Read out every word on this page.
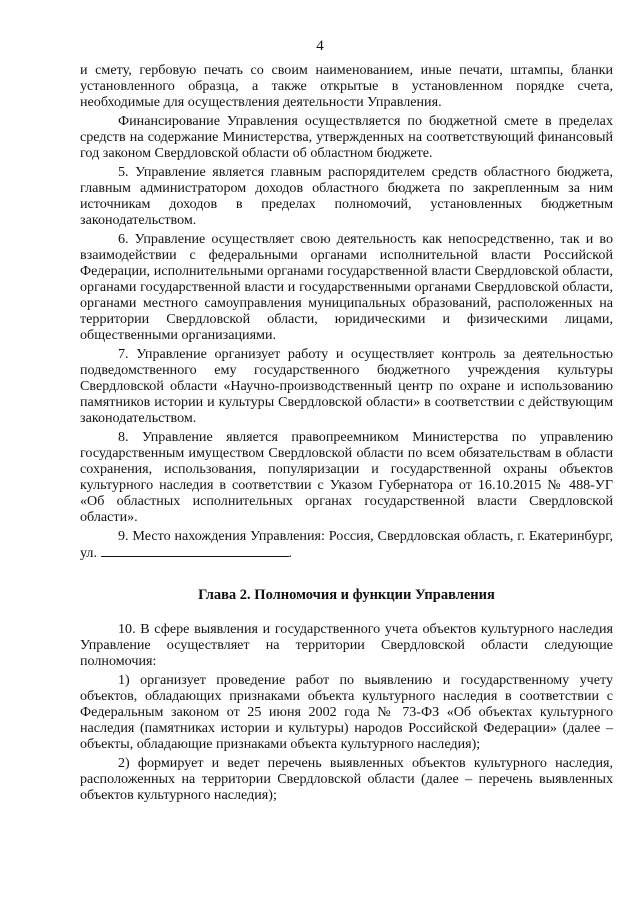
4

и смету, гербовую печать со своим наименованием, иные печати, штампы, бланки установленного образца, а также открытые в установленном порядке счета, необходимые для осуществления деятельности Управления.

Финансирование Управления осуществляется по бюджетной смете в пределах средств на содержание Министерства, утвержденных на соответствующий финансовый год законом Свердловской области об областном бюджете.

5. Управление является главным распорядителем средств областного бюджета, главным администратором доходов областного бюджета по закрепленным за ним источникам доходов в пределах полномочий, установленных бюджетным законодательством.

6. Управление осуществляет свою деятельность как непосредственно, так и во взаимодействии с федеральными органами исполнительной власти Российской Федерации, исполнительными органами государственной власти Свердловской области, органами государственной власти и государственными органами Свердловской области, органами местного самоуправления муниципальных образований, расположенных на территории Свердловской области, юридическими и физическими лицами, общественными организациями.

7. Управление организует работу и осуществляет контроль за деятельностью подведомственного ему государственного бюджетного учреждения культуры Свердловской области «Научно-производственный центр по охране и использованию памятников истории и культуры Свердловской области» в соответствии с действующим законодательством.

8. Управление является правопреемником Министерства по управлению государственным имуществом Свердловской области по всем обязательствам в области сохранения, использования, популяризации и государственной охраны объектов культурного наследия в соответствии с Указом Губернатора от 16.10.2015 № 488-УГ «Об областных исполнительных органах государственной власти Свердловской области».

9. Место нахождения Управления: Россия, Свердловская область, г. Екатеринбург, ул.	.

Глава 2. Полномочия и функции Управления

10. В сфере выявления и государственного учета объектов культурного наследия Управление осуществляет на территории Свердловской области следующие полномочия:

1) организует проведение работ по выявлению и государственному учету объектов, обладающих признаками объекта культурного наследия в соответствии с Федеральным законом от 25 июня 2002 года № 73-ФЗ «Об объектах культурного наследия (памятниках истории и культуры) народов Российской Федерации» (далее – объекты, обладающие признаками объекта культурного наследия);

2) формирует и ведет перечень выявленных объектов культурного наследия, расположенных на территории Свердловской области (далее – перечень выявленных объектов культурного наследия);
